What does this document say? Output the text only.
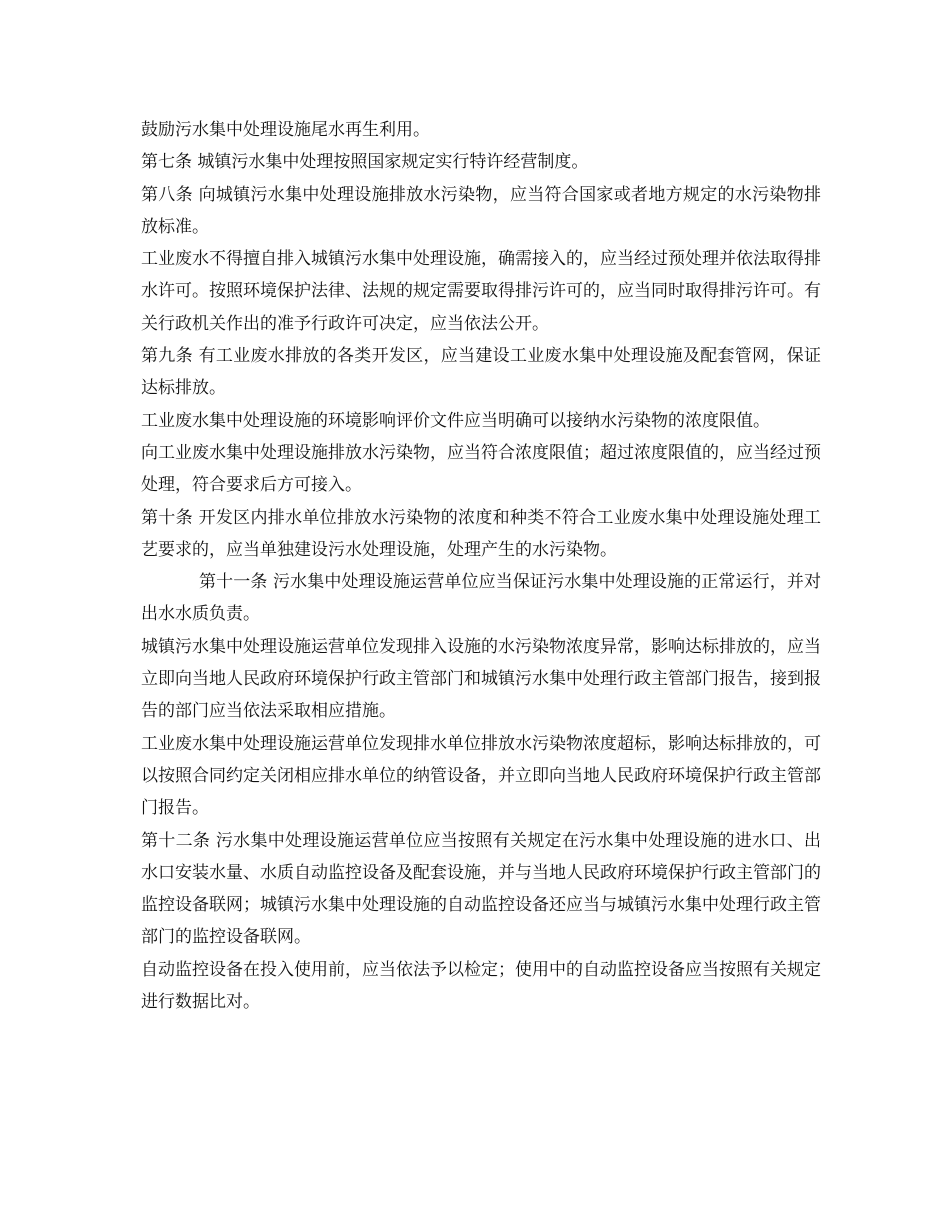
鼓励污水集中处理设施尾水再生利用。

第七条 城镇污水集中处理按照国家规定实行特许经营制度。

第八条 向城镇污水集中处理设施排放水污染物，应当符合国家或者地方规定的水污染物排放标准。

工业废水不得擅自排入城镇污水集中处理设施，确需接入的，应当经过预处理并依法取得排水许可。按照环境保护法律、法规的规定需要取得排污许可的，应当同时取得排污许可。有关行政机关作出的准予行政许可决定，应当依法公开。

第九条 有工业废水排放的各类开发区，应当建设工业废水集中处理设施及配套管网，保证达标排放。

工业废水集中处理设施的环境影响评价文件应当明确可以接纳水污染物的浓度限值。

向工业废水集中处理设施排放水污染物，应当符合浓度限值；超过浓度限值的，应当经过预处理，符合要求后方可接入。

第十条 开发区内排水单位排放水污染物的浓度和种类不符合工业废水集中处理设施处理工艺要求的，应当单独建设污水处理设施，处理产生的水污染物。

第十一条 污水集中处理设施运营单位应当保证污水集中处理设施的正常运行，并对出水水质负责。

城镇污水集中处理设施运营单位发现排入设施的水污染物浓度异常，影响达标排放的，应当立即向当地人民政府环境保护行政主管部门和城镇污水集中处理行政主管部门报告，接到报告的部门应当依法采取相应措施。

工业废水集中处理设施运营单位发现排水单位排放水污染物浓度超标，影响达标排放的，可以按照合同约定关闭相应排水单位的纳管设备，并立即向当地人民政府环境保护行政主管部门报告。

第十二条 污水集中处理设施运营单位应当按照有关规定在污水集中处理设施的进水口、出水口安装水量、水质自动监控设备及配套设施，并与当地人民政府环境保护行政主管部门的监控设备联网；城镇污水集中处理设施的自动监控设备还应当与城镇污水集中处理行政主管部门的监控设备联网。

自动监控设备在投入使用前，应当依法予以检定；使用中的自动监控设备应当按照有关规定进行数据比对。
